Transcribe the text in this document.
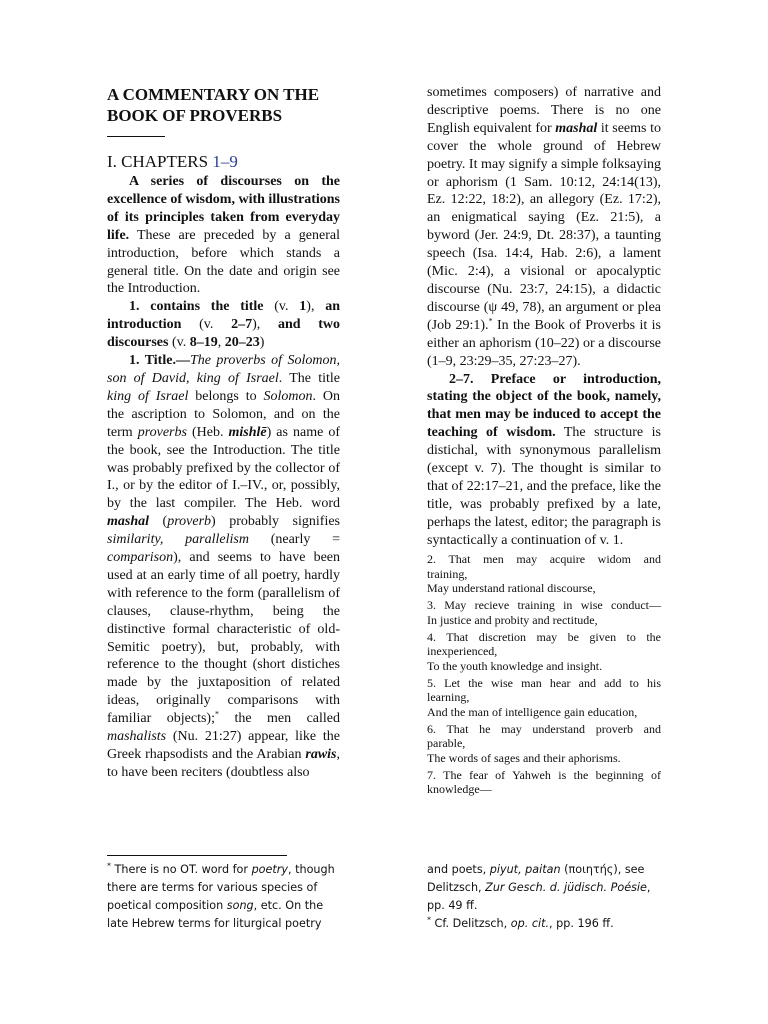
A COMMENTARY ON THE
BOOK OF PROVERBS
I. CHAPTERS 1–9

A series of discourses on the excellence of wisdom, with illustrations of its principles taken from everyday life. These are preceded by a general introduction, before which stands a general title. On the date and origin see the Introduction.

1. contains the title (v. 1), an introduction (v. 2–7), and two discourses (v. 8–19, 20–23)

1. Title.—The proverbs of Solomon, son of David, king of Israel. The title king of Israel belongs to Solomon. On the ascription to Solomon, and on the term proverbs (Heb. mishlē) as name of the book, see the Introduction. The title was probably prefixed by the collector of I., or by the editor of I.–IV., or, possibly, by the last compiler. The Heb. word mashal (proverb) probably signifies similarity, parallelism (nearly = comparison), and seems to have been used at an early time of all poetry, hardly with reference to the form (parallelism of clauses, clause-rhythm, being the distinctive formal characteristic of old-Semitic poetry), but, probably, with reference to the thought (short distiches made by the juxtaposition of related ideas, originally comparisons with familiar objects);* the men called mashalists (Nu. 21:27) appear, like the Greek rhapsodists and the Arabian rawis, to have been reciters (doubtless also

sometimes composers) of narrative and descriptive poems. There is no one English equivalent for mashal it seems to cover the whole ground of Hebrew poetry. It may signify a simple folksaying or aphorism (1 Sam. 10:12, 24:14(13), Ez. 12:22, 18:2), an allegory (Ez. 17:2), an enigmatical saying (Ez. 21:5), a byword (Jer. 24:9, Dt. 28:37), a taunting speech (Isa. 14:4, Hab. 2:6), a lament (Mic. 2:4), a visional or apocalyptic discourse (Nu. 23:7, 24:15), a didactic discourse (ψ 49, 78), an argument or plea (Job 29:1).* In the Book of Proverbs it is either an aphorism (10–22) or a discourse (1–9, 23:29–35, 27:23–27).

2–7. Preface or introduction, stating the object of the book, namely, that men may be induced to accept the teaching of wisdom. The structure is distichal, with synonymous parallelism (except v. 7). The thought is similar to that of 22:17–21, and the preface, like the title, was probably prefixed by a late, perhaps the latest, editor; the paragraph is syntactically a continuation of v. 1.

2. That men may acquire widom and
training,
May understand rational discourse,
3. May recieve training in wise conduct—
In justice and probity and rectitude,
4. That discretion may be given to the
inexperienced,
To the youth knowledge and insight.
5. Let the wise man hear and add to his
learning,
And the man of intelligence gain education,
6. That he may understand proverb and
parable,
The words of sages and their aphorisms.
7. The fear of Yahweh is the beginning of
knowledge—
* There is no OT. word for poetry, though there are terms for various species of poetical composition song, etc. On the late Hebrew terms for liturgical poetry
and poets, piyut, paitan (ποιητής), see Delitzsch, Zur Gesch. d. jüdisch. Poésie, pp. 49 ff.
* Cf. Delitzsch, op. cit., pp. 196 ff.
